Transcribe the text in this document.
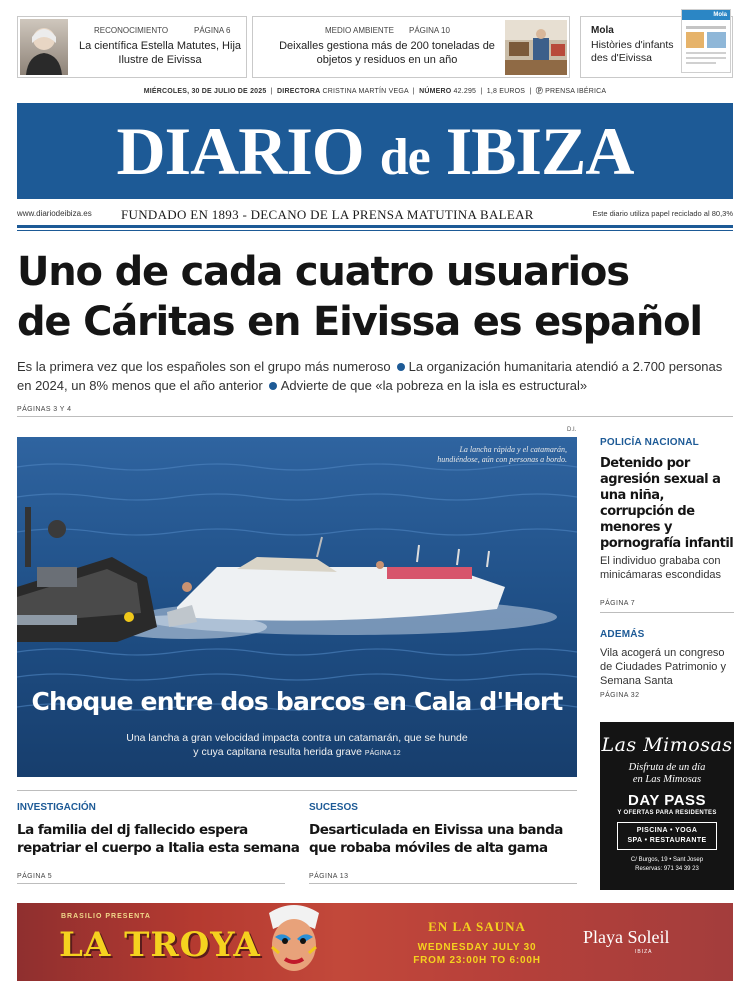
RECONOCIMIENTO	PÁGINA 6
La científica Estella Matutes, Hija Ilustre de Eivissa
MEDIO AMBIENTE PÁGINA 10
Deixalles gestiona más de 200 toneladas de objetos y residuos en un año
Mola
Històries d'infants des d'Eivissa
Mola
MIÉRCOLES, 30 DE JULIO DE 2025  |  DIRECTORA CRISTINA MARTÍN VEGA  |  NÚMERO 42.295  |  1,8 EUROS  |  Ⓟ PRENSA IBÉRICA
DIARIO de IBIZA
www.diariodeibiza.es FUNDADO EN 1893 - DECANO DE LA PRENSA MATUTINA BALEAR	Este diario utiliza papel reciclado al 80,3%
Uno de cada cuatro usuarios
de Cáritas en Eivissa es español
Es la primera vez que los españoles son el grupo más numeroso La organización humanitaria atendió a 2.700 personas en 2024, un 8% menos que el año anterior Advierte de que «la pobreza en la isla es estructural»
PÁGINAS 3 Y 4
D.I.
La lancha rápida y el catamarán,
hundiéndose, aún con personas a bordo.
Choque entre dos barcos en Cala d'Hort
Una lancha a gran velocidad impacta contra un catamarán, que se hunde
y cuya capitana resulta herida grave PÁGINA 12
POLICÍA NACIONAL
Detenido por agresión sexual a una niña, corrupción de menores y pornografía infantil
El individuo grababa con minicámaras escondidas
PÁGINA 7
ADEMÁS
Vila acogerá un congreso de Ciudades Patrimonio y Semana Santa
PÁGINA 32
Las Mimosas
Disfruta de un día
en Las Mimosas
DAY PASS
Y OFERTAS PARA RESIDENTES
PISCINA • YOGA
SPA • RESTAURANTE
C/ Burgos, 19 • Sant Josep
Reservas: 971 34 39 23
INVESTIGACIÓN
La familia del dj fallecido espera
repatriar el cuerpo a Italia esta semana
PÁGINA 5
SUCESOS
Desarticulada en Eivissa una banda
que robaba móviles de alta gama
PÁGINA 13
BRASILIO PRESENTA
LA TROYA	EN LA SAUNA
WEDNESDAY JULY 30
FROM 23:00H TO 6:00H
Playa Soleil
IBIZA
